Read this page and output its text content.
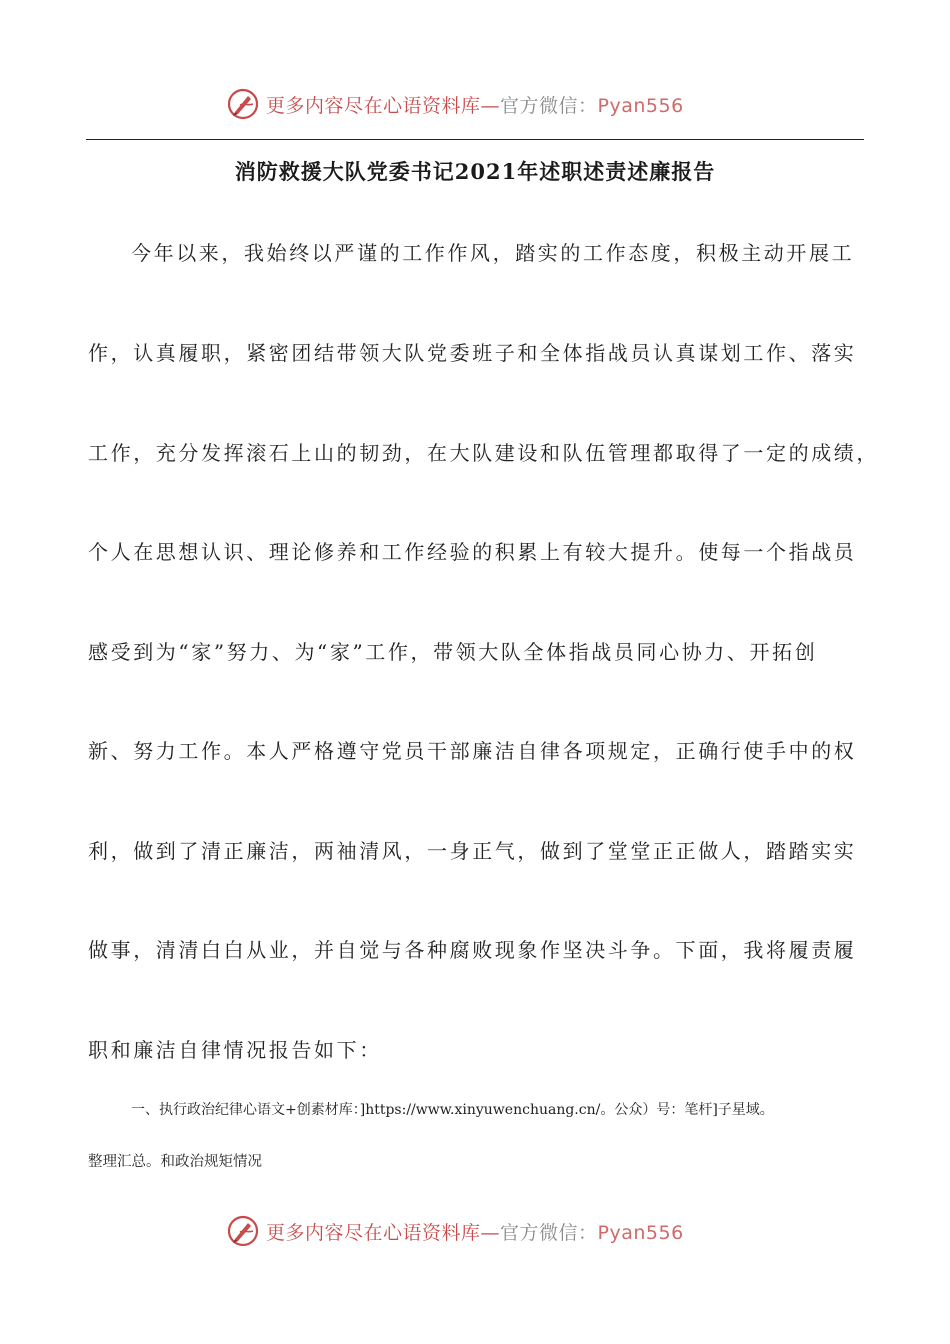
更多内容尽在心语资料库—官方微信：Pyan556
消防救援大队党委书记2021年述职述责述廉报告
今年以来，我始终以严谨的工作作风，踏实的工作态度，积极主动开展工
作，认真履职，紧密团结带领大队党委班子和全体指战员认真谋划工作、落实
工作，充分发挥滚石上山的韧劲，在大队建设和队伍管理都取得了一定的成绩，
个人在思想认识、理论修养和工作经验的积累上有较大提升。使每一个指战员
感受到为“家”努力、为“家”工作，带领大队全体指战员同心协力、开拓创
新、努力工作。本人严格遵守党员干部廉洁自律各项规定，正确行使手中的权
利，做到了清正廉洁，两袖清风，一身正气，做到了堂堂正正做人，踏踏实实
做事，清清白白从业，并自觉与各种腐败现象作坚决斗争。下面，我将履责履
职和廉洁自律情况报告如下：
一、执行政治纪律心语文+创素材库：]https://www.xinyuwenchuang.cn/。公众）号：笔杆]子星域。
整理汇总。和政治规矩情况
更多内容尽在心语资料库—官方微信：Pyan556
